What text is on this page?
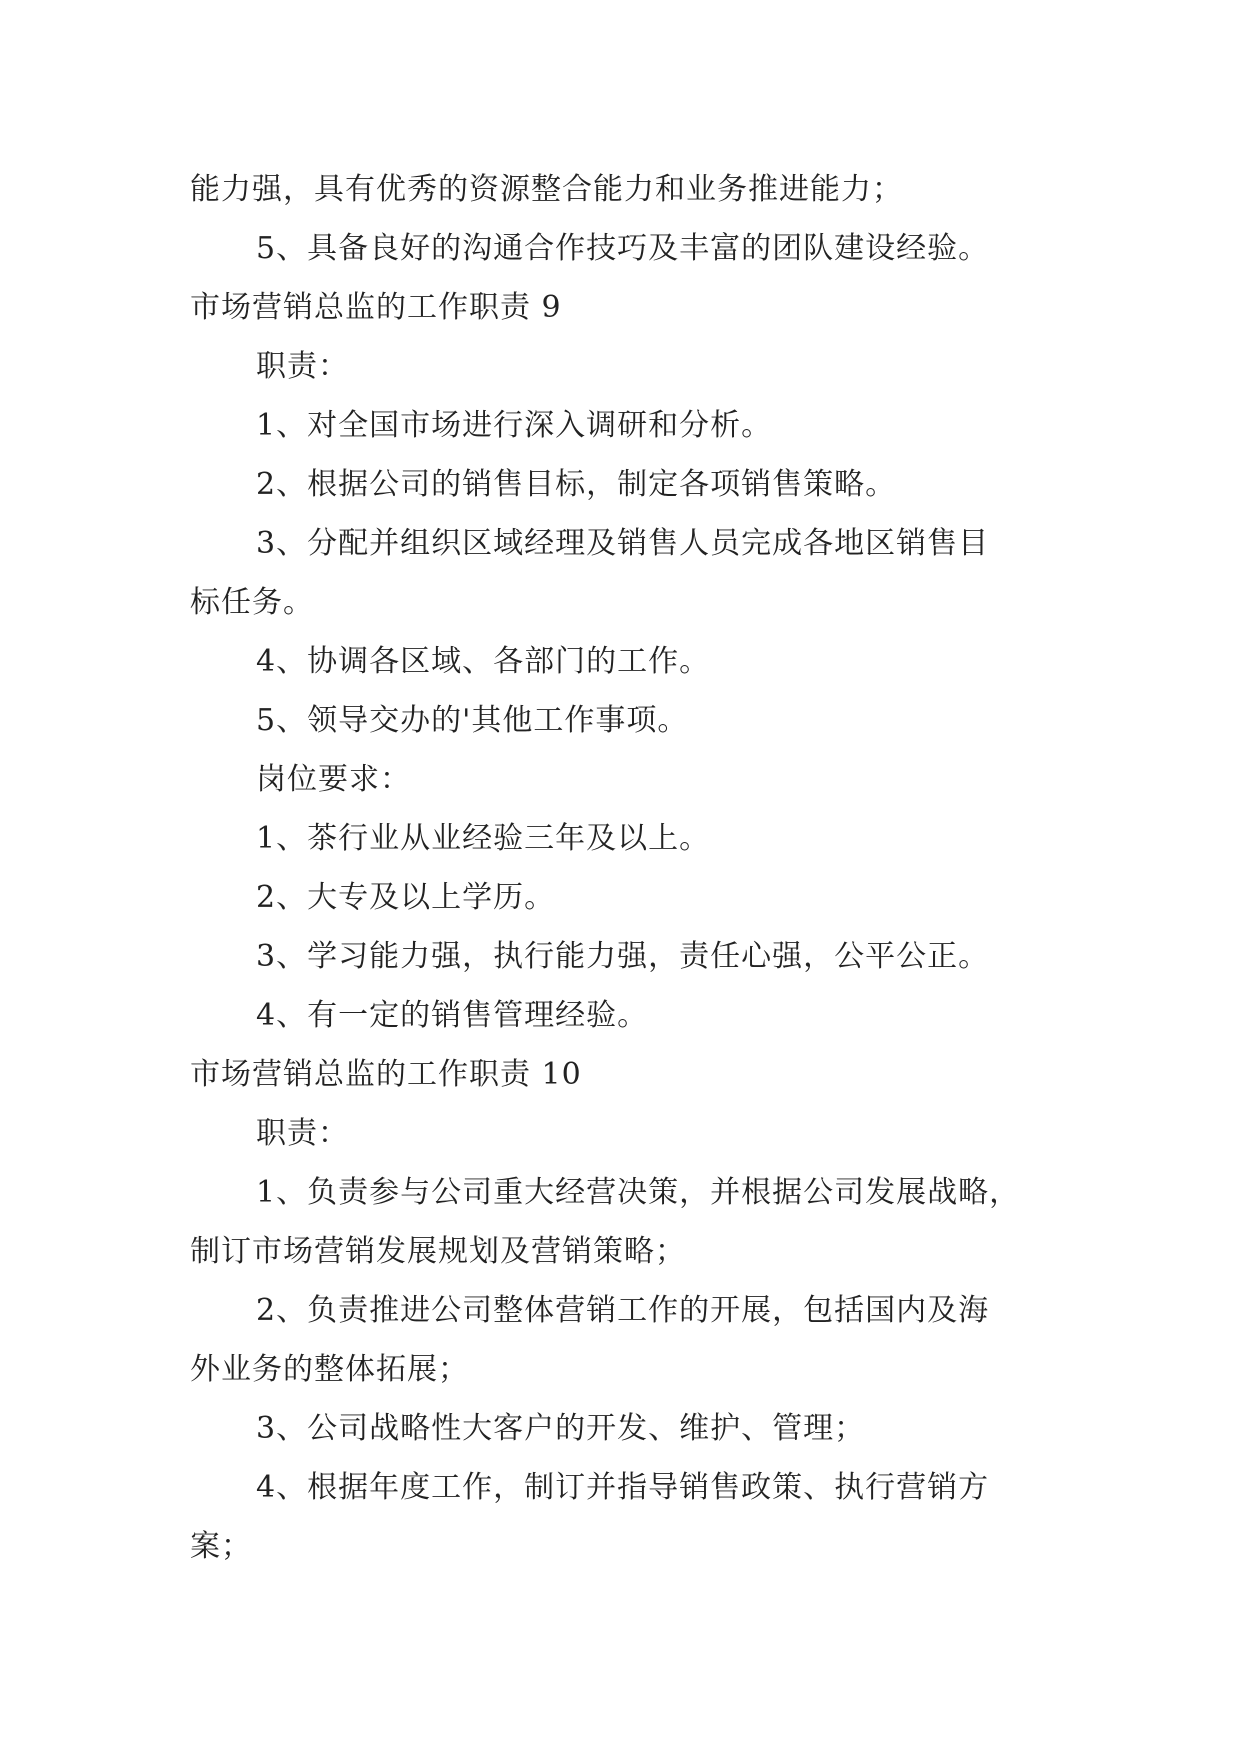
能力强，具有优秀的资源整合能力和业务推进能力；
5、具备良好的沟通合作技巧及丰富的团队建设经验。
市场营销总监的工作职责 9
职责：
1、对全国市场进行深入调研和分析。
2、根据公司的销售目标，制定各项销售策略。
3、分配并组织区域经理及销售人员完成各地区销售目
标任务。
4、协调各区域、各部门的工作。
5、领导交办的'其他工作事项。
岗位要求：
1、茶行业从业经验三年及以上。
2、大专及以上学历。
3、学习能力强，执行能力强，责任心强，公平公正。
4、有一定的销售管理经验。
市场营销总监的工作职责 10
职责：
1、负责参与公司重大经营决策，并根据公司发展战略，
制订市场营销发展规划及营销策略；
2、负责推进公司整体营销工作的开展，包括国内及海
外业务的整体拓展；
3、公司战略性大客户的开发、维护、管理；
4、根据年度工作，制订并指导销售政策、执行营销方
案；
